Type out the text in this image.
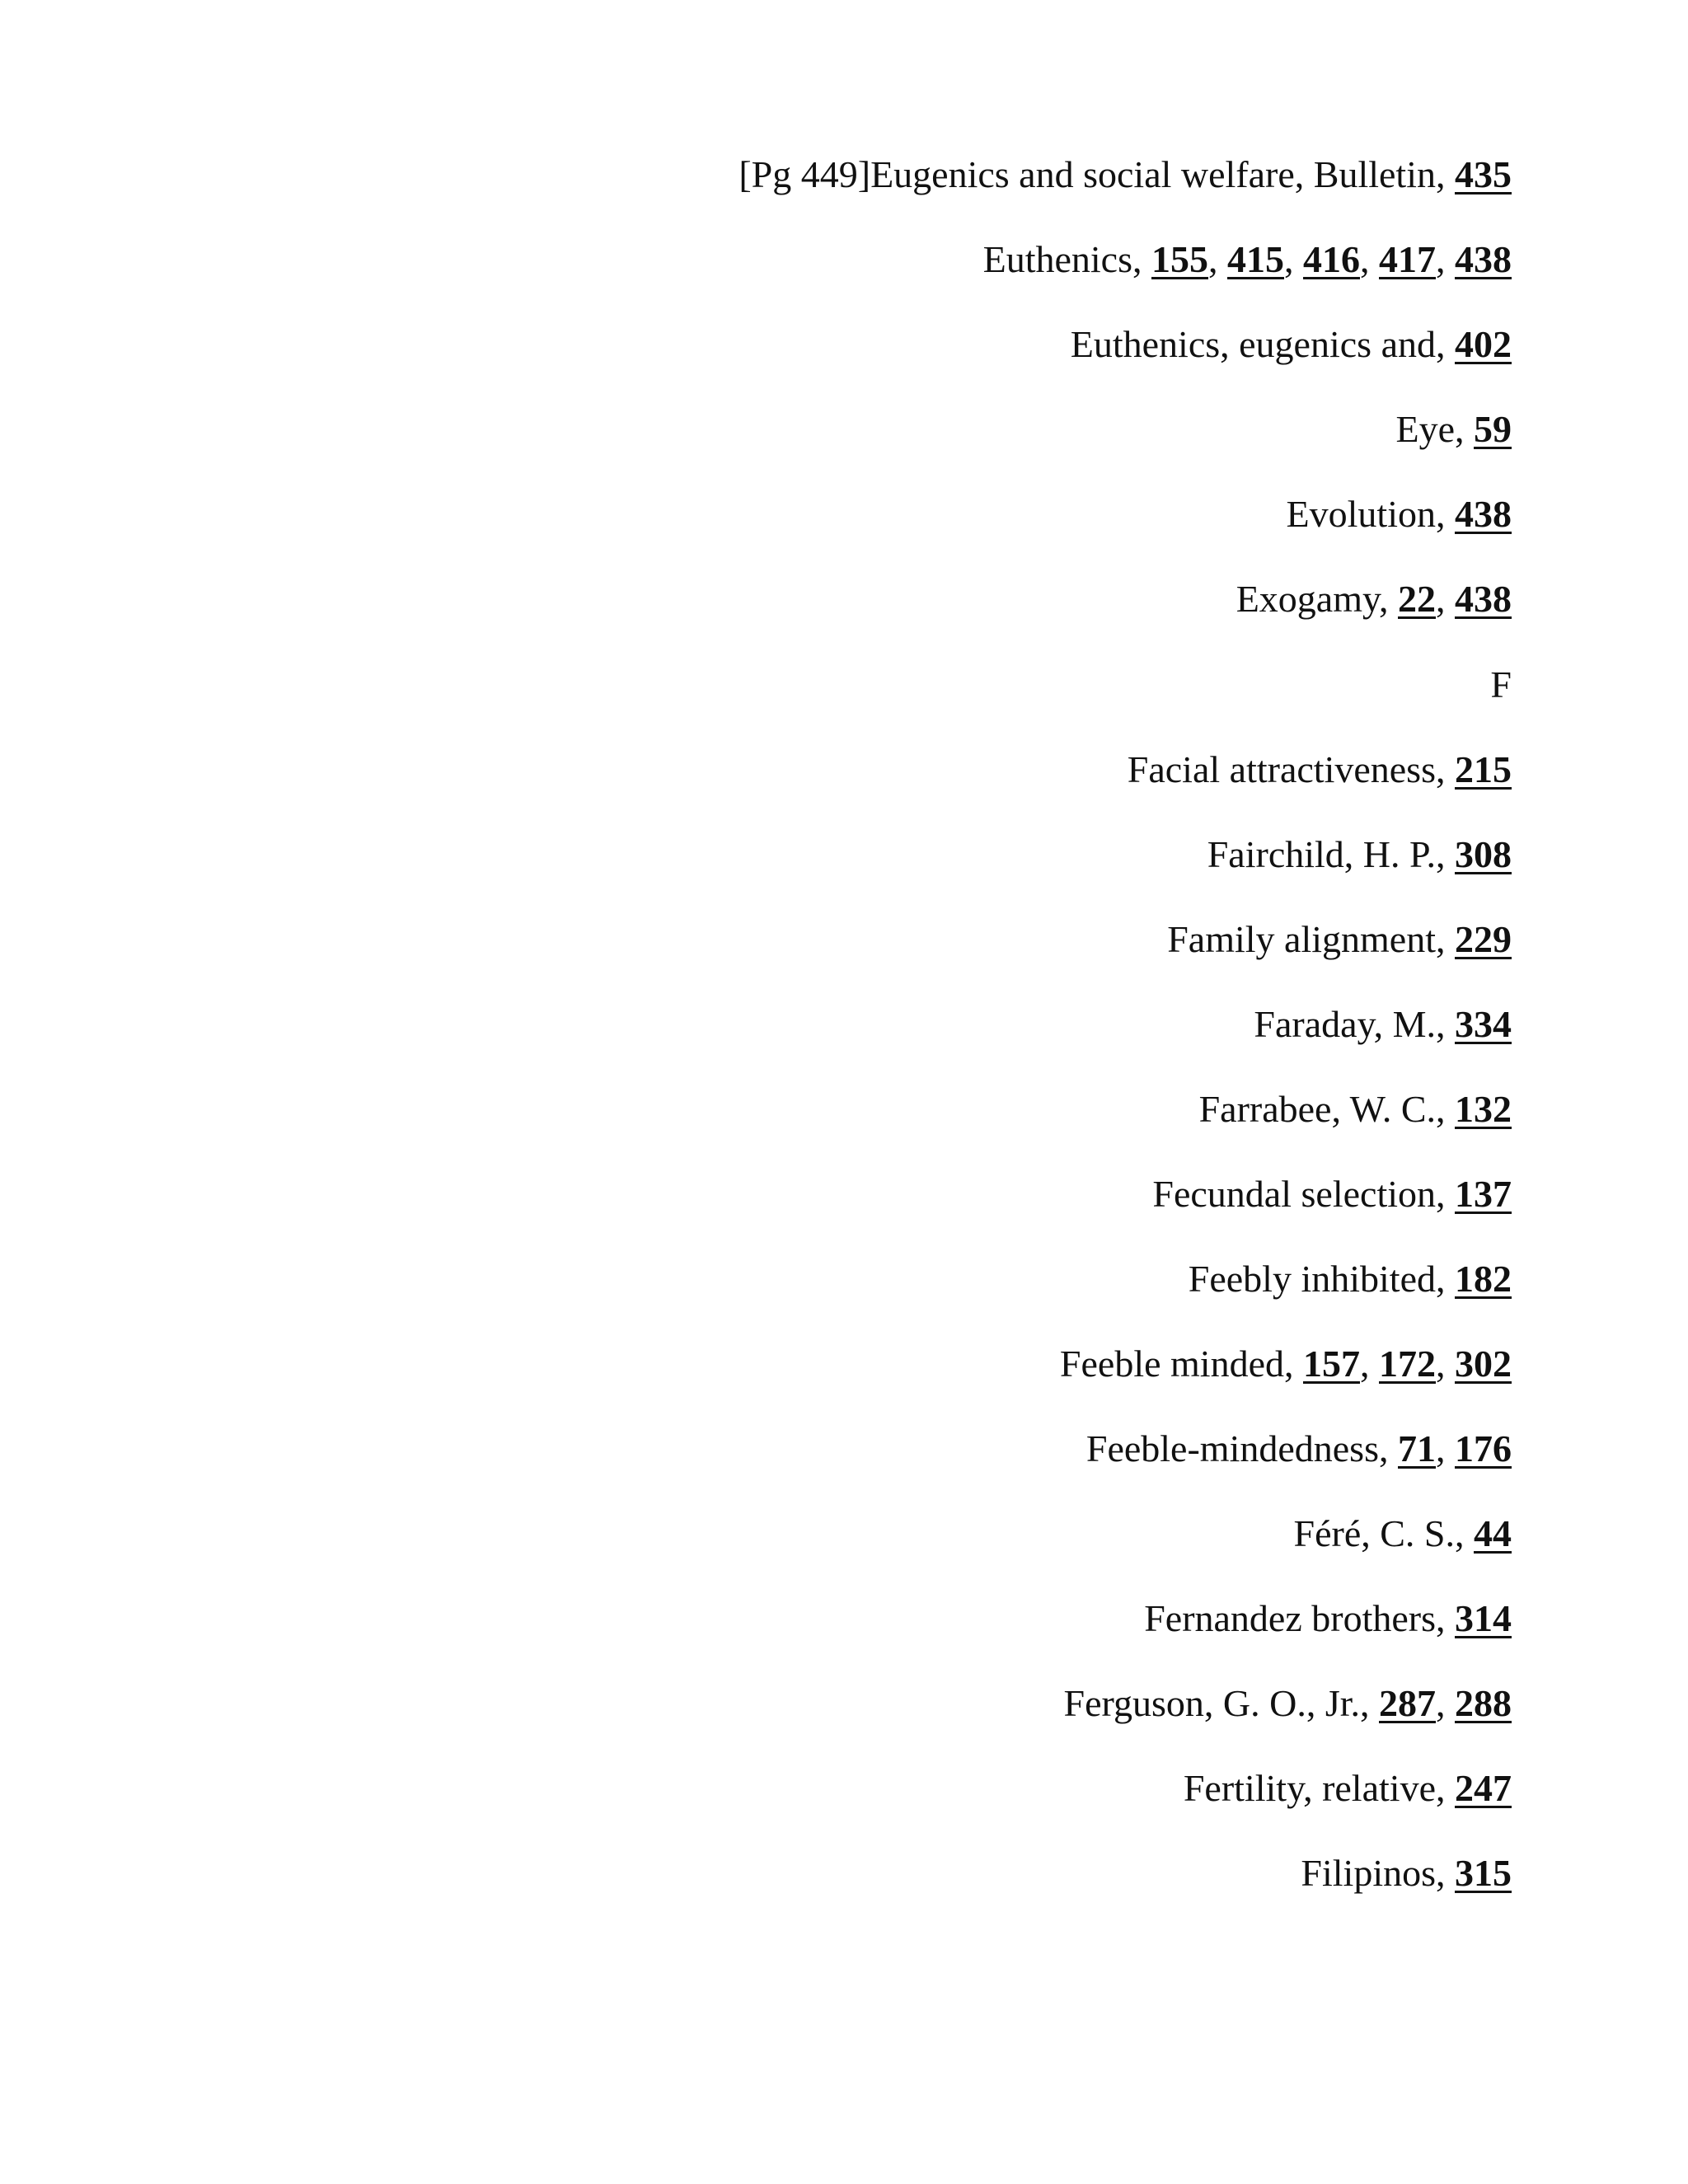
[Pg 449]Eugenics and social welfare, Bulletin, 435
Euthenics, 155, 415, 416, 417, 438
Euthenics, eugenics and, 402
Eye, 59
Evolution, 438
Exogamy, 22, 438
F
Facial attractiveness, 215
Fairchild, H. P., 308
Family alignment, 229
Faraday, M., 334
Farrabee, W. C., 132
Fecundal selection, 137
Feebly inhibited, 182
Feeble minded, 157, 172, 302
Feeble-mindedness, 71, 176
Féré, C. S., 44
Fernandez brothers, 314
Ferguson, G. O., Jr., 287, 288
Fertility, relative, 247
Filipinos, 315
